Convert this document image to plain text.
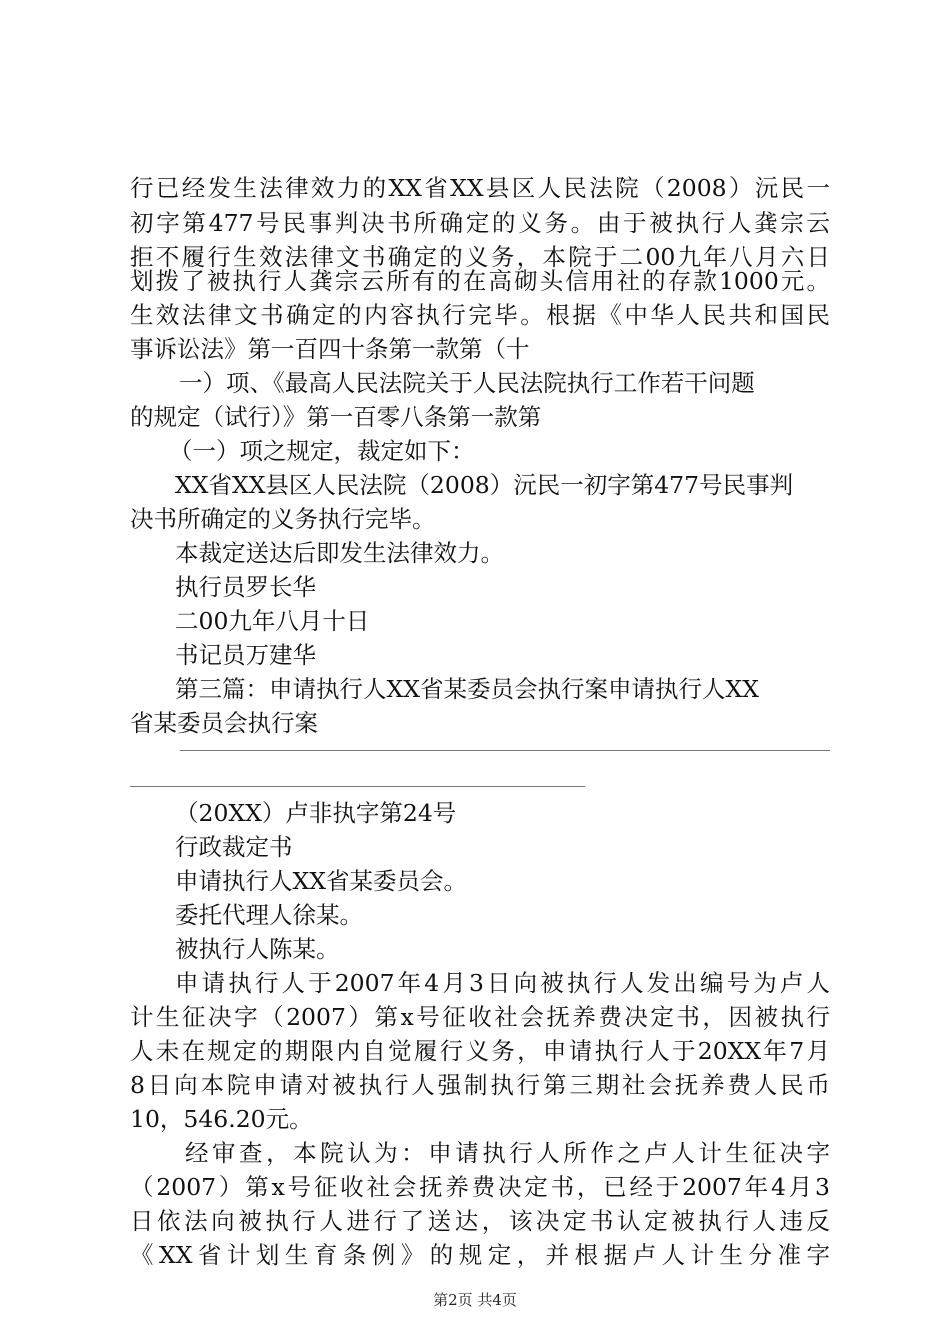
行已经发生法律效力的XX省XX县区人民法院（2008）沅民一
初字第477号民事判决书所确定的义务。由于被执行人龚宗云
拒不履行生效法律文书确定的义务，本院于二00九年八月六日
划拨了被执行人龚宗云所有的在高砌头信用社的存款1000元。
生效法律文书确定的内容执行完毕。根据《中华人民共和国民
事诉讼法》第一百四十条第一款第（十
一）项、《最高人民法院关于人民法院执行工作若干问题
的规定（试行）》第一百零八条第一款第
（一）项之规定，裁定如下：
XX省XX县区人民法院（2008）沅民一初字第477号民事判
决书所确定的义务执行完毕。
本裁定送达后即发生法律效力。
执行员罗长华
二00九年八月十日
书记员万建华
第三篇：申请执行人XX省某委员会执行案申请执行人XX
省某委员会执行案
（20XX）卢非执字第24号
行政裁定书
申请执行人XX省某委员会。
委托代理人徐某。
被执行人陈某。
申请执行人于2007年4月3日向被执行人发出编号为卢人
计生征决字（2007）第x号征收社会抚养费决定书，因被执行
人未在规定的期限内自觉履行义务，申请执行人于20XX年7月
8日向本院申请对被执行人强制执行第三期社会抚养费人民币
10，546.20元。
经审查，本院认为：申请执行人所作之卢人计生征决字
（2007）第x号征收社会抚养费决定书，已经于2007年4月3
日依法向被执行人进行了送达，该决定书认定被执行人违反
《XX省计划生育条例》的规定，并根据卢人计生分准字
第2页 共4页
